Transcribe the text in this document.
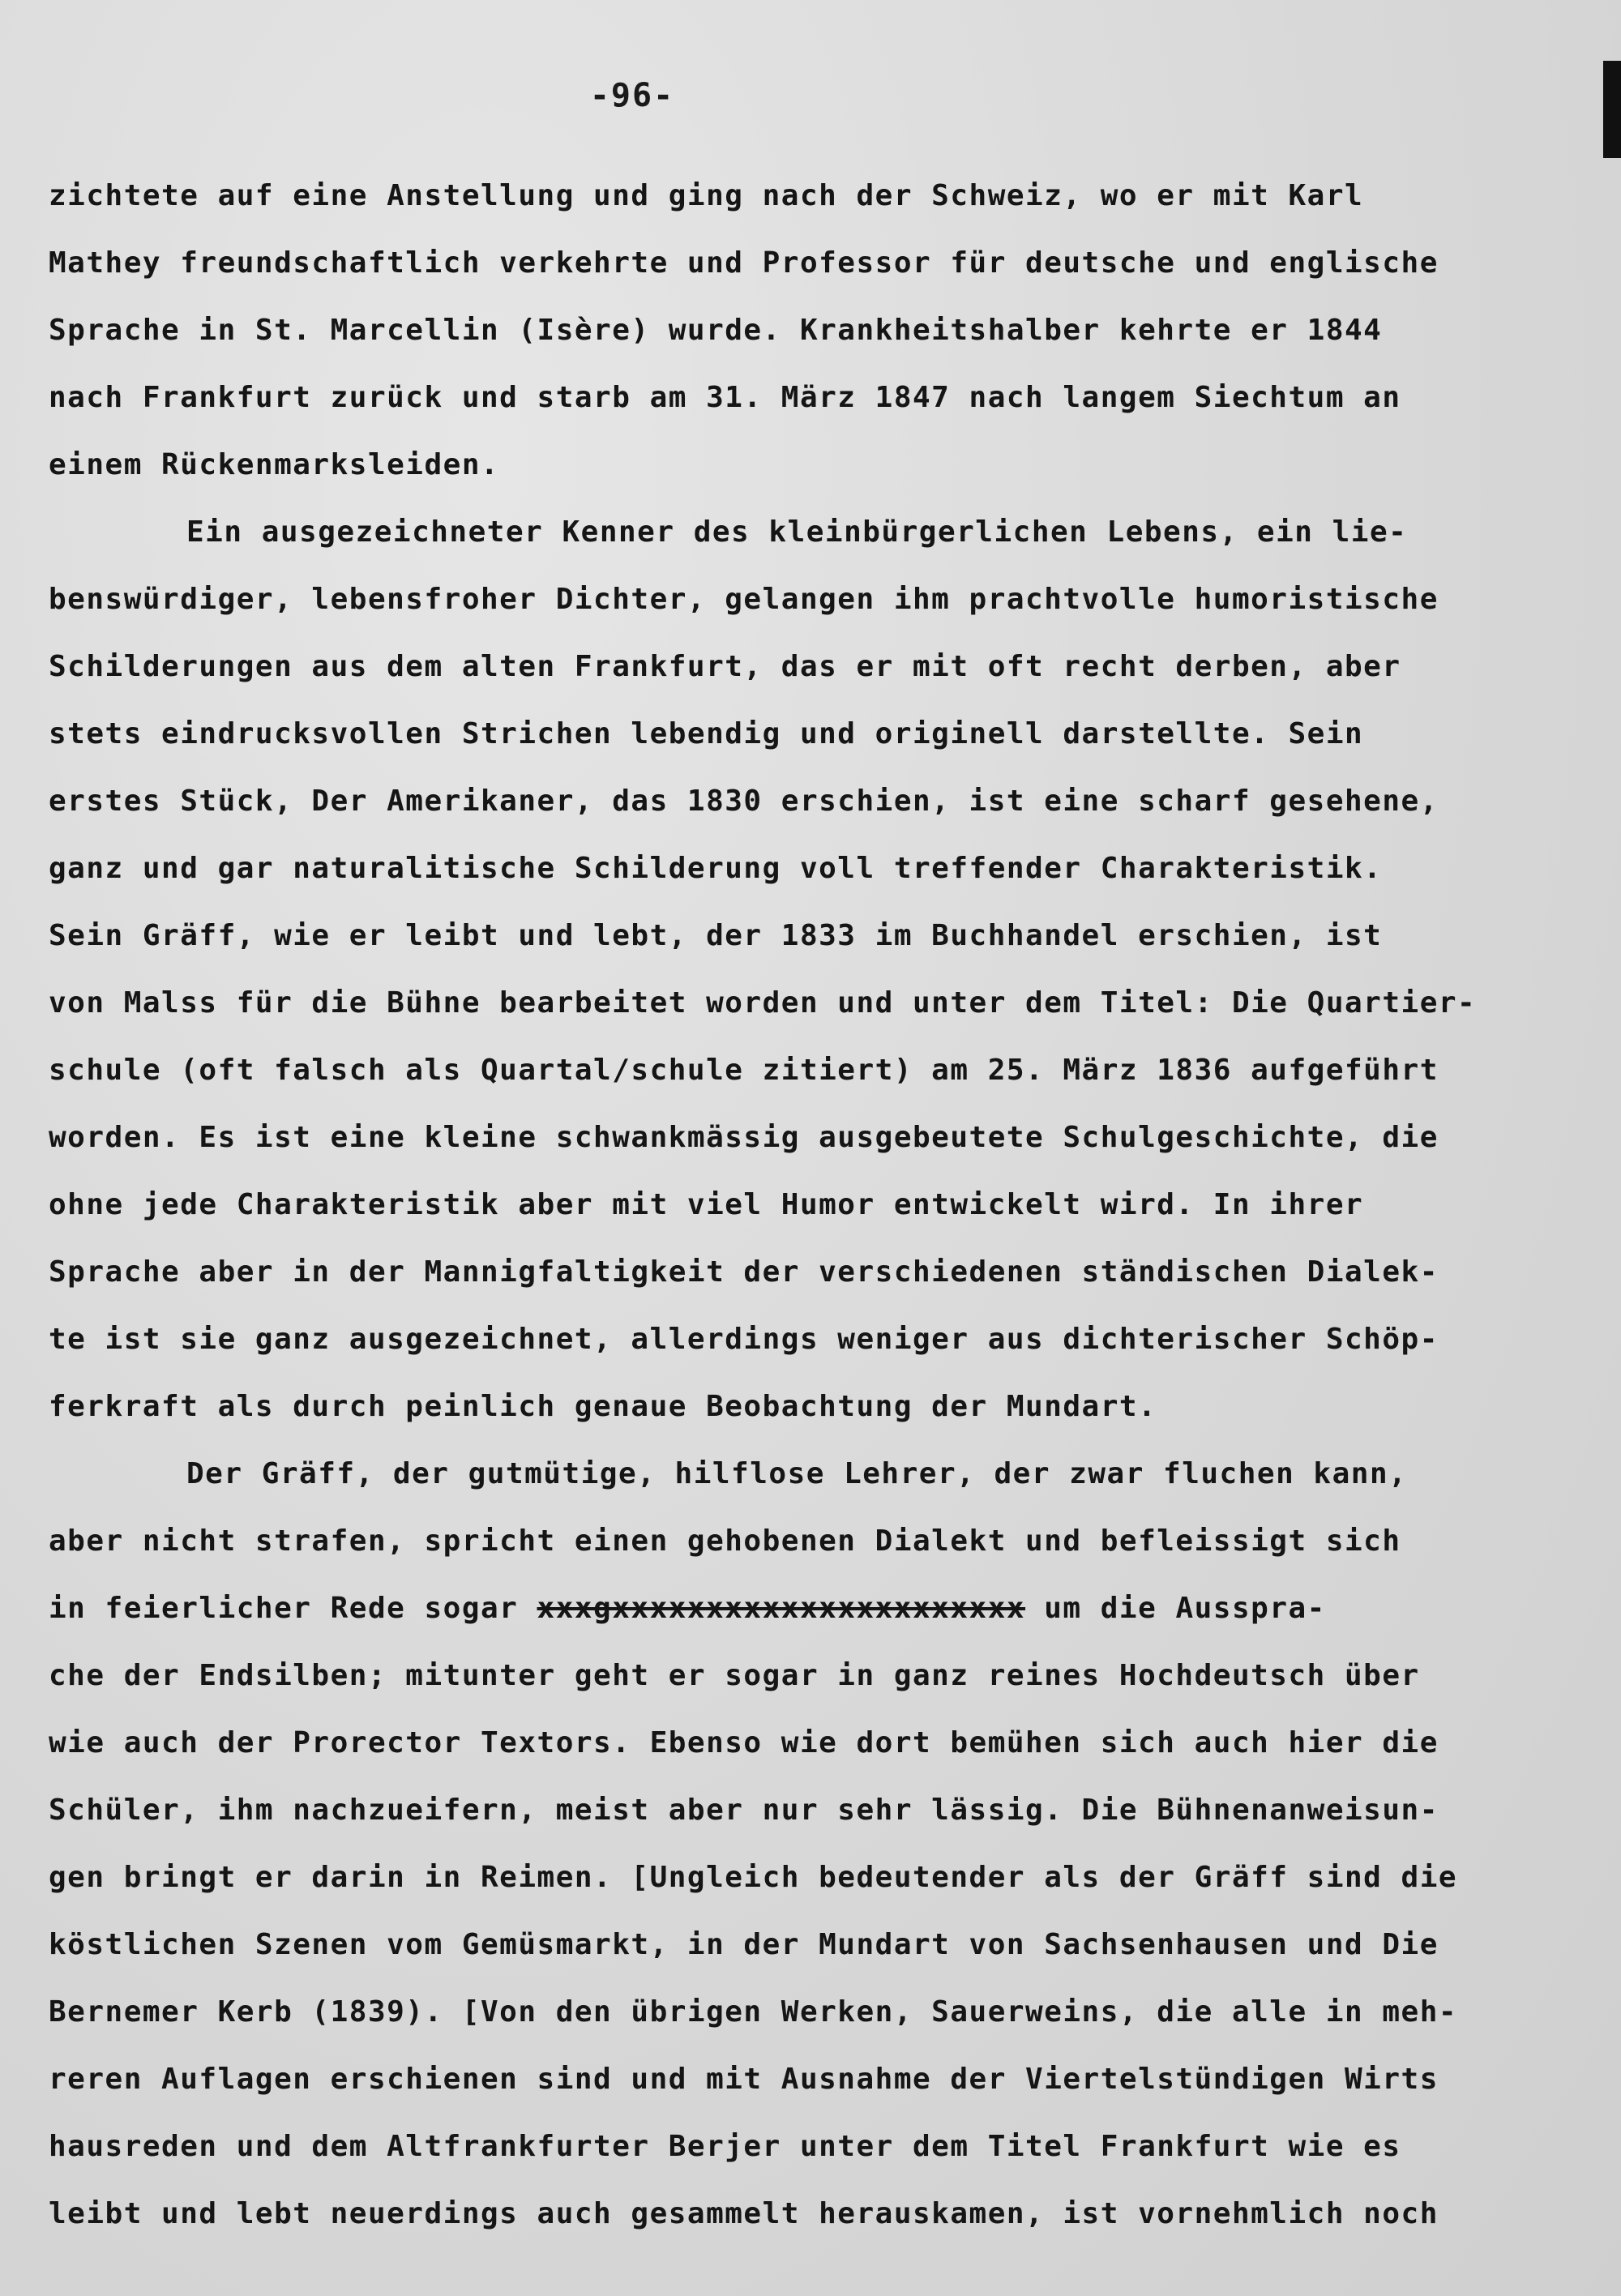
-96-
zichtete auf eine Anstellung und ging nach der Schweiz, wo er mit Karl
Mathey freundschaftlich verkehrte und Professor für deutsche und englische
Sprache in St. Marcellin (Isère) wurde. Krankheitshalber kehrte er 1844
nach Frankfurt zurück und starb am 31. März 1847 nach langem Siechtum an
einem Rückenmarksleiden.
Ein ausgezeichneter Kenner des kleinbürgerlichen Lebens, ein lie-
benswürdiger, lebensfroher Dichter, gelangen ihm prachtvolle humoristische
Schilderungen aus dem alten Frankfurt, das er mit oft recht derben, aber
stets eindrucksvollen Strichen lebendig und originell darstellte. Sein
erstes Stück, Der Amerikaner, das 1830 erschien, ist eine scharf gesehene,
ganz und gar naturalitische Schilderung voll treffender Charakteristik.
Sein Gräff, wie er leibt und lebt, der 1833 im Buchhandel erschien, ist
von Malss für die Bühne bearbeitet worden und unter dem Titel: Die Quartier-
schule (oft falsch als Quartal/schule zitiert) am 25. März 1836 aufgeführt
worden. Es ist eine kleine schwankmässig ausgebeutete Schulgeschichte, die
ohne jede Charakteristik aber mit viel Humor entwickelt wird. In ihrer
Sprache aber in der Mannigfaltigkeit der verschiedenen ständischen Dialek-
te ist sie ganz ausgezeichnet, allerdings weniger aus dichterischer Schöp-
ferkraft als durch peinlich genaue Beobachtung der Mundart.
Der Gräff, der gutmütige, hilflose Lehrer, der zwar fluchen kann,
aber nicht strafen, spricht einen gehobenen Dialekt und befleissigt sich
in feierlicher Rede sogar xxxgxxxxxxxxxxxxxxxxxxxxxx um die Ausspra-
che der Endsilben; mitunter geht er sogar in ganz reines Hochdeutsch über
wie auch der Prorector Textors. Ebenso wie dort bemühen sich auch hier die
Schüler, ihm nachzueifern, meist aber nur sehr lässig. Die Bühnenanweisun-
gen bringt er darin in Reimen. [Ungleich bedeutender als der Gräff sind die
köstlichen Szenen vom Gemüsmarkt, in der Mundart von Sachsenhausen und Die
Bernemer Kerb (1839). [Von den übrigen Werken, Sauerweins, die alle in meh-
reren Auflagen erschienen sind und mit Ausnahme der Viertelstündigen Wirts
hausreden und dem Altfrankfurter Berjer unter dem Titel Frankfurt wie es
leibt und lebt neuerdings auch gesammelt herauskamen, ist vornehmlich noch
